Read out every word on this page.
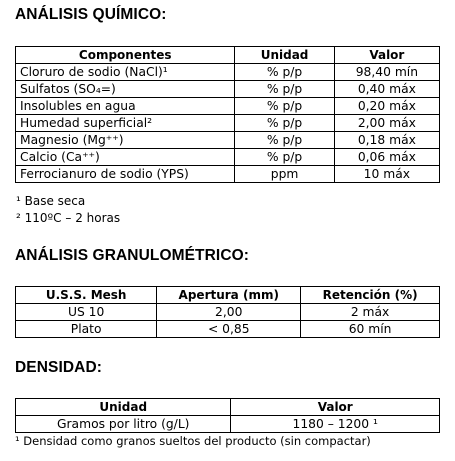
ANÁLISIS QUÍMICO:
Componentes	Unidad	Valor
Cloruro de sodio (NaCl)¹	% p/p	98,40 mín
Sulfatos (SO₄=)	% p/p	0,40 máx
Insolubles en agua	% p/p	0,20 máx
Humedad superficial²	% p/p	2,00 máx
Magnesio (Mg⁺⁺)	% p/p	0,18 máx
Calcio (Ca⁺⁺)	% p/p	0,06 máx
Ferrocianuro de sodio (YPS)	ppm	10 máx
¹ Base seca
² 110ºC – 2 horas
ANÁLISIS GRANULOMÉTRICO:
U.S.S. Mesh	Apertura (mm)	Retención (%)
US 10	2,00	2 máx
Plato	< 0,85	60 mín
DENSIDAD:
Unidad	Valor
Gramos por litro (g/L)	1180 – 1200 ¹
¹ Densidad como granos sueltos del producto (sin compactar)
